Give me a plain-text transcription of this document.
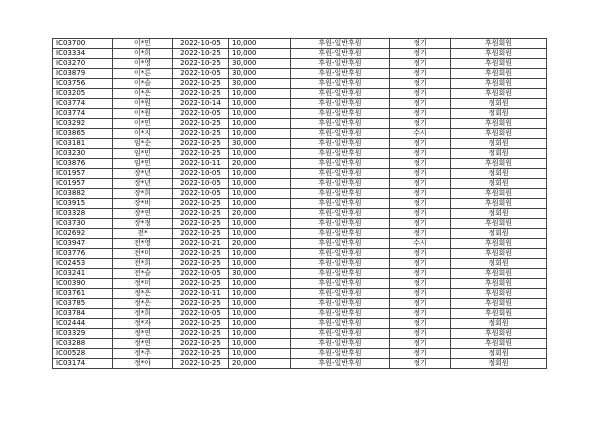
IC03700	이*민	2022-10-05	10,000	후원-일반후원	정기	후원회원
IC03334	이*희	2022-10-25	10,000	후원-일반후원	정기	후원회원
IC03270	이*영	2022-10-25	30,000	후원-일반후원	정기	후원회원
IC03879	이*른	2022-10-05	30,000	후원-일반후원	정기	후원회원
IC03756	이*슬	2022-10-25	30,000	후원-일반후원	정기	후원회원
IC03205	이*은	2022-10-25	10,000	후원-일반후원	정기	후원회원
IC03774	이*원	2022-10-14	10,000	후원-일반후원	정기	정회원
IC03774	이*원	2022-10-05	10,000	후원-일반후원	정기	정회원
IC03292	이*민	2022-10-25	10,000	후원-일반후원	정기	후원회원
IC03865	이*지	2022-10-25	10,000	후원-일반후원	수시	후원회원
IC03181	임*순	2022-10-25	30,000	후원-일반후원	정기	정회원
IC03230	임*민	2022-10-25	10,000	후원-일반후원	정기	정회원
IC03876	임*민	2022-10-11	20,000	후원-일반후원	정기	후원회원
IC01957	장*년	2022-10-05	10,000	후원-일반후원	정기	정회원
IC01957	장*년	2022-10-05	10,000	후원-일반후원	정기	정회원
IC03882	장*희	2022-10-05	10,000	후원-일반후원	정기	후원회원
IC03915	장*비	2022-10-25	10,000	후원-일반후원	정기	후원회원
IC03328	장*연	2022-10-25	20,000	후원-일반후원	정기	정회원
IC03730	장*정	2022-10-25	10,000	후원-일반후원	정기	후원회원
IC02692	전*	2022-10-25	10,000	후원-일반후원	정기	정회원
IC03947	전*영	2022-10-21	20,000	후원-일반후원	수시	후원회원
IC03776	전*미	2022-10-25	10,000	후원-일반후원	정기	후원회원
IC02453	전*희	2022-10-25	10,000	후원-일반후원	정기	정회원
IC03241	전*슬	2022-10-05	30,000	후원-일반후원	정기	후원회원
IC00390	정*미	2022-10-25	10,000	후원-일반후원	정기	후원회원
IC03761	정*은	2022-10-11	10,000	후원-일반후원	정기	후원회원
IC03785	정*은	2022-10-25	10,000	후원-일반후원	정기	후원회원
IC03784	정*희	2022-10-05	10,000	후원-일반후원	정기	후원회원
IC02444	정*자	2022-10-25	10,000	후원-일반후원	정기	정회원
IC03329	정*연	2022-10-25	10,000	후원-일반후원	정기	후원회원
IC03288	정*연	2022-10-25	10,000	후원-일반후원	정기	후원회원
IC00528	정*주	2022-10-25	10,000	후원-일반후원	정기	정회원
IC03174	정*아	2022-10-25	20,000	후원-일반후원	정기	정회원
